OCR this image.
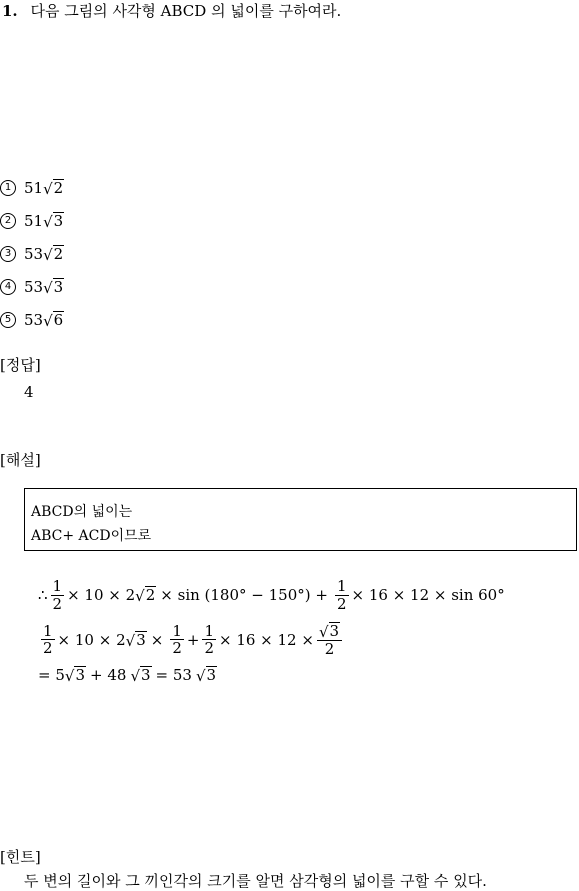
1. 다음 그림의 사각형 ABCD 의 넓이를 구하여라.
1 51 √ 2
2 51 √ 3
3 53 √ 2
4 53 √ 3
5 53 √ 6
[정답]
4
[해설]
ABCD의 넓이는
ABC+ ACD이므로
∴ $\frac{1}{2} \times 10 \times 2$ √ $2 \times \sin (180^\circ - 150^\circ) + \frac{1}{2} \times 16 \times 12 \times \sin 60^\circ$
$\frac{1}{2} \times 10 \times 2$ √ $3 \times \frac{1}{2} + \frac{1}{2} \times 16 \times 12 \times \frac{√ 3}{2}$
= 5 √ 3 + 48 √ 3 = 53 √ 3
[힌트]
두 변의 길이와 그 끼인각의 크기를 알면 삼각형의 넓이를 구할 수 있다.
